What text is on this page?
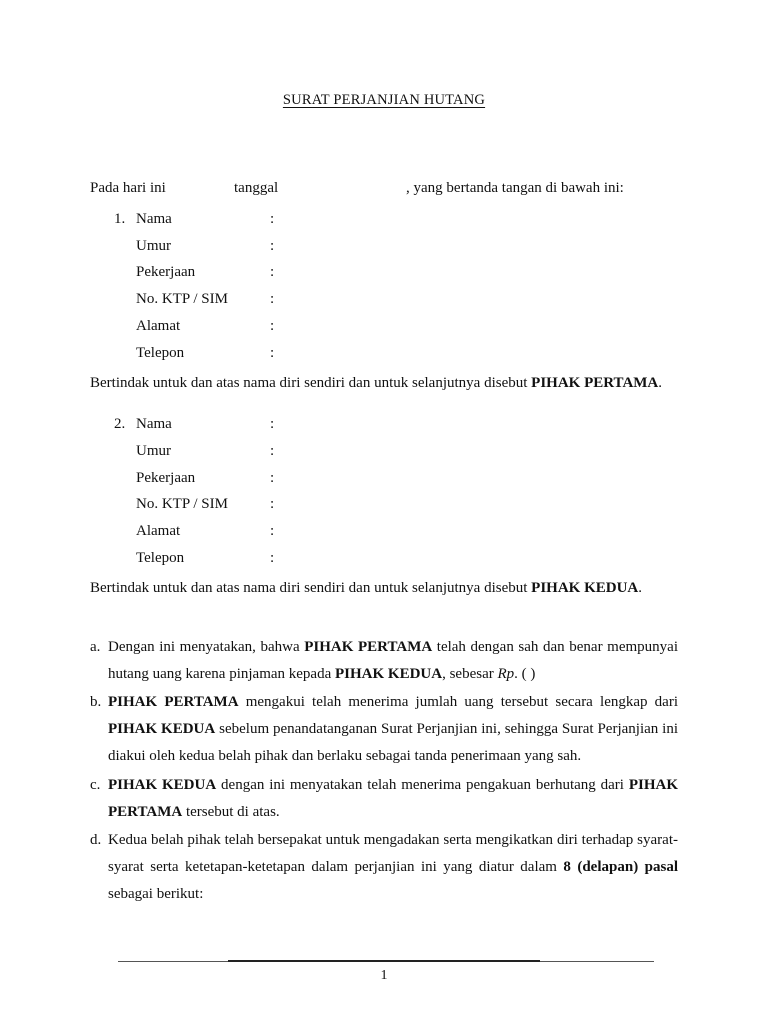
SURAT PERJANJIAN HUTANG
Pada hari ini	tanggal	, yang bertanda tangan di bawah ini:
1. Nama	:
Umur	:
Pekerjaan	:
No. KTP / SIM	:
Alamat	:
Telepon	:
Bertindak untuk dan atas nama diri sendiri dan untuk selanjutnya disebut PIHAK PERTAMA.
2. Nama	:
Umur	:
Pekerjaan	:
No. KTP / SIM	:
Alamat	:
Telepon	:
Bertindak untuk dan atas nama diri sendiri dan untuk selanjutnya disebut PIHAK KEDUA.
a. Dengan ini menyatakan, bahwa PIHAK PERTAMA telah dengan sah dan benar mempunyai hutang uang karena pinjaman kepada PIHAK KEDUA, sebesar Rp. ( )
b. PIHAK PERTAMA mengakui telah menerima jumlah uang tersebut secara lengkap dari PIHAK KEDUA sebelum penandatanganan Surat Perjanjian ini, sehingga Surat Perjanjian ini diakui oleh kedua belah pihak dan berlaku sebagai tanda penerimaan yang sah.
c. PIHAK KEDUA dengan ini menyatakan telah menerima pengakuan berhutang dari PIHAK PERTAMA tersebut di atas.
d. Kedua belah pihak telah bersepakat untuk mengadakan serta mengikatkan diri terhadap syarat-syarat serta ketetapan-ketetapan dalam perjanjian ini yang diatur dalam 8 (delapan) pasal sebagai berikut:
1
